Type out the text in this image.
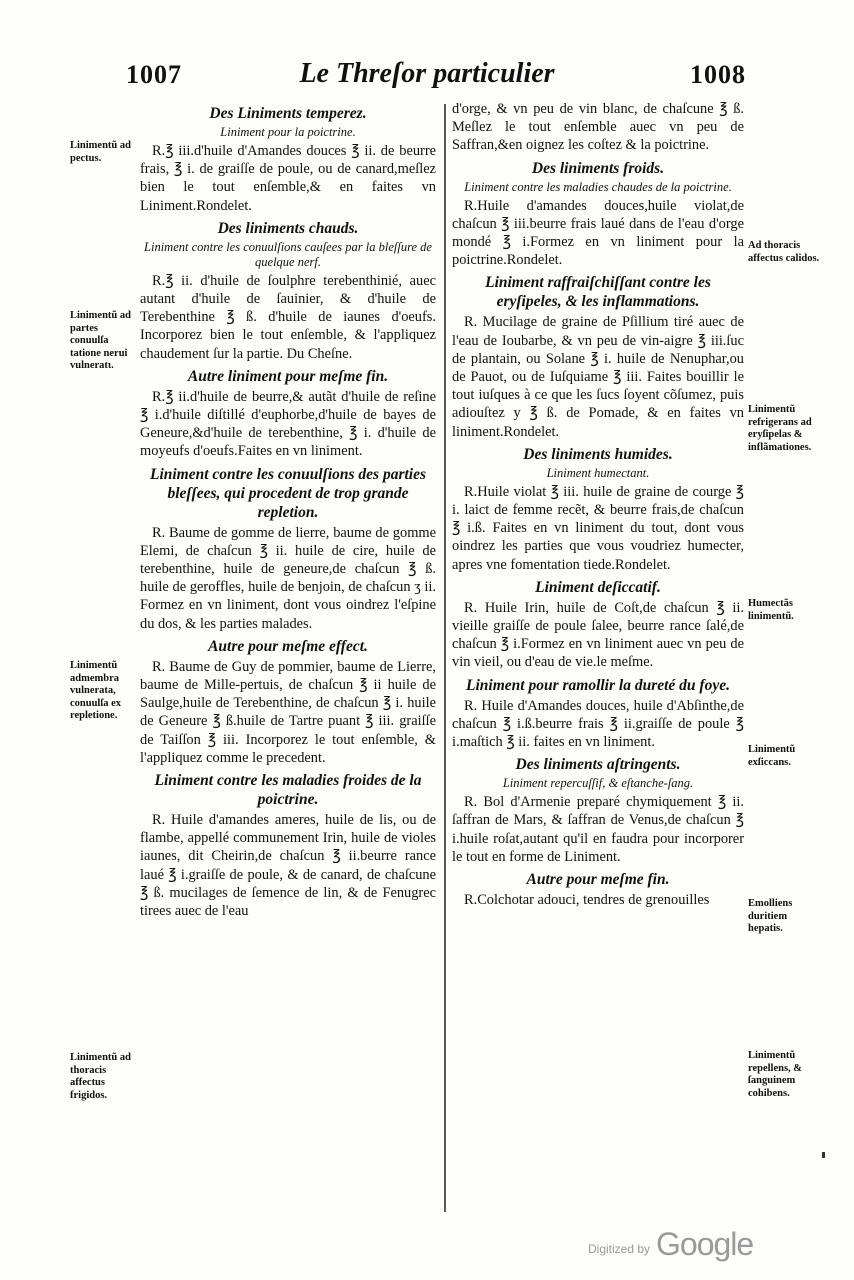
1007	Le Threſor particulier	1008
Des Liniments temperez.
Liniment pour la poictrine.

R.℥ iii.d'huile d'Amandes douces ℥ ii. de beurre frais, ℥ i. de graiſſe de poule, ou de canard,meſlez bien le tout enſemble,& en faites vn Liniment.Rondelet.

Des liniments chauds.
Liniment contre les conuulſions cauſees par la bleſſure de quelque nerf.

R.℥ ii. d'huile de ſoulphre terebenthinié, auec autant d'huile de ſauinier, & d'huile de Terebenthine ℥ ß. d'huile de iaunes d'oeufs. Incorporez bien le tout enſemble, & l'appliquez chaudement ſur la partie. Du Cheſne.

Autre liniment pour meſme fin.

R.℥ ii.d'huile de beurre,& autãt d'huile de reſine ℥ i.d'huile diſtillé d'euphorbe,d'huile de bayes de Geneure,&d'huile de terebenthine, ℥ i. d'huile de moyeufs d'oeufs.Faites en vn liniment.

Liniment contre les conuulſions des parties bleſſees, qui procedent de trop grande repletion.

R. Baume de gomme de lierre, baume de gomme Elemi, de chaſcun ℥ ii. huile de cire, huile de terebenthine, huile de geneure,de chaſcun ℥ ß. huile de geroffles, huile de benjoin, de chaſcun ʒ ii. Formez en vn liniment, dont vous oindrez l'eſpine du dos, & les parties malades.

Autre pour meſme effect.

R. Baume de Guy de pommier, baume de Lierre, baume de Mille-pertuis, de chaſcun ℥ ii huile de Saulge,huile de Terebenthine, de chaſcun ℥ i. huile de Geneure ℥ ß.huile de Tartre puant ℥ iii. graiſſe de Taiſſon ℥ iii. Incorporez le tout enſemble, & l'appliquez comme le precedent.

Liniment contre les maladies froides de la poictrine.

R. Huile d'amandes ameres, huile de lis, ou de flambe, appellé communement Irin, huile de violes iaunes, dit Cheirin,de chaſcun ℥ ii.beurre rance laué ℥ i.graiſſe de poule, & de canard, de chaſcune ℥ ß. mucilages de ſemence de lin, & de Fenugrec tirees auec de l'eau

d'orge, & vn peu de vin blanc, de chaſcune ℥ ß. Meſlez le tout enſemble auec vn peu de Saffran,&en oignez les coſtez & la poictrine.

Des liniments froids.
Liniment contre les maladies chaudes de la poictrine.

R.Huile d'amandes douces,huile violat,de chaſcun ℥ iii.beurre frais laué dans de l'eau d'orge mondé ℥ i.Formez en vn liniment pour la poictrine.Rondelet.

Liniment raffraiſchiſſant contre les eryſipeles, & les inflammations.

R. Mucilage de graine de Pſillium tiré auec de l'eau de Ioubarbe, & vn peu de vin-aigre ℥ iii.ſuc de plantain, ou Solane ℥ i. huile de Nenuphar,ou de Pauot, ou de Iuſquiame ℥ iii. Faites bouillir le tout iuſques à ce que les ſucs ſoyent cõſumez, puis adiouſtez y ℥ ß. de Pomade, & en faites vn liniment.Rondelet.

Des liniments humides.
Liniment humectant.

R.Huile violat ℥ iii. huile de graine de courge ℥ i. laict de femme recẽt, & beurre frais,de chaſcun ℥ i.ß. Faites en vn liniment du tout, dont vous oindrez les parties que vous voudriez humecter, apres vne fomentation tiede.Rondelet.

Liniment deſiccatif.

R. Huile Irin, huile de Coſt,de chaſcun ℥ ii. vieille graiſſe de poule ſalee, beurre rance ſalé,de chaſcun ℥ i.Formez en vn liniment auec vn peu de vin vieil, ou d'eau de vie.le meſme.

Liniment pour ramollir la dureté du foye.

R. Huile d'Amandes douces, huile d'Abſinthe,de chaſcun ℥ i.ß.beurre frais ℥ ii.graiſſe de poule ℥ i.maſtich ℥ ii. faites en vn liniment.

Des liniments aſtringents.
Liniment repercuſſif, & eſtanche-ſang.

R. Bol d'Armenie preparé chymiquement ℥ ii. ſaffran de Mars, & ſaffran de Venus,de chaſcun ℥ i.huile roſat,autant qu'il en faudra pour incorporer le tout en forme de Liniment.

Autre pour meſme fin.

R.Colchotar adouci, tendres de grenouilles

Linimentũ ad pectus.
Linimentũ ad partes conuulſa tatione nerui vulneratι.
Linimentũ admembra vulnerata, conuulſa ex repletione.
Linimentũ ad thoracis affectus frigidos.
Ad thoracis affectus calidos.
Linimentũ refrigerans ad eryſipelas & inflãmationes.
Humectãs linimentũ.
Linimentũ exſiccans.
Emolliens duritiem hepatis.
Linimentũ repellens, & ſanguinem cohibens.
Digitized by Google
